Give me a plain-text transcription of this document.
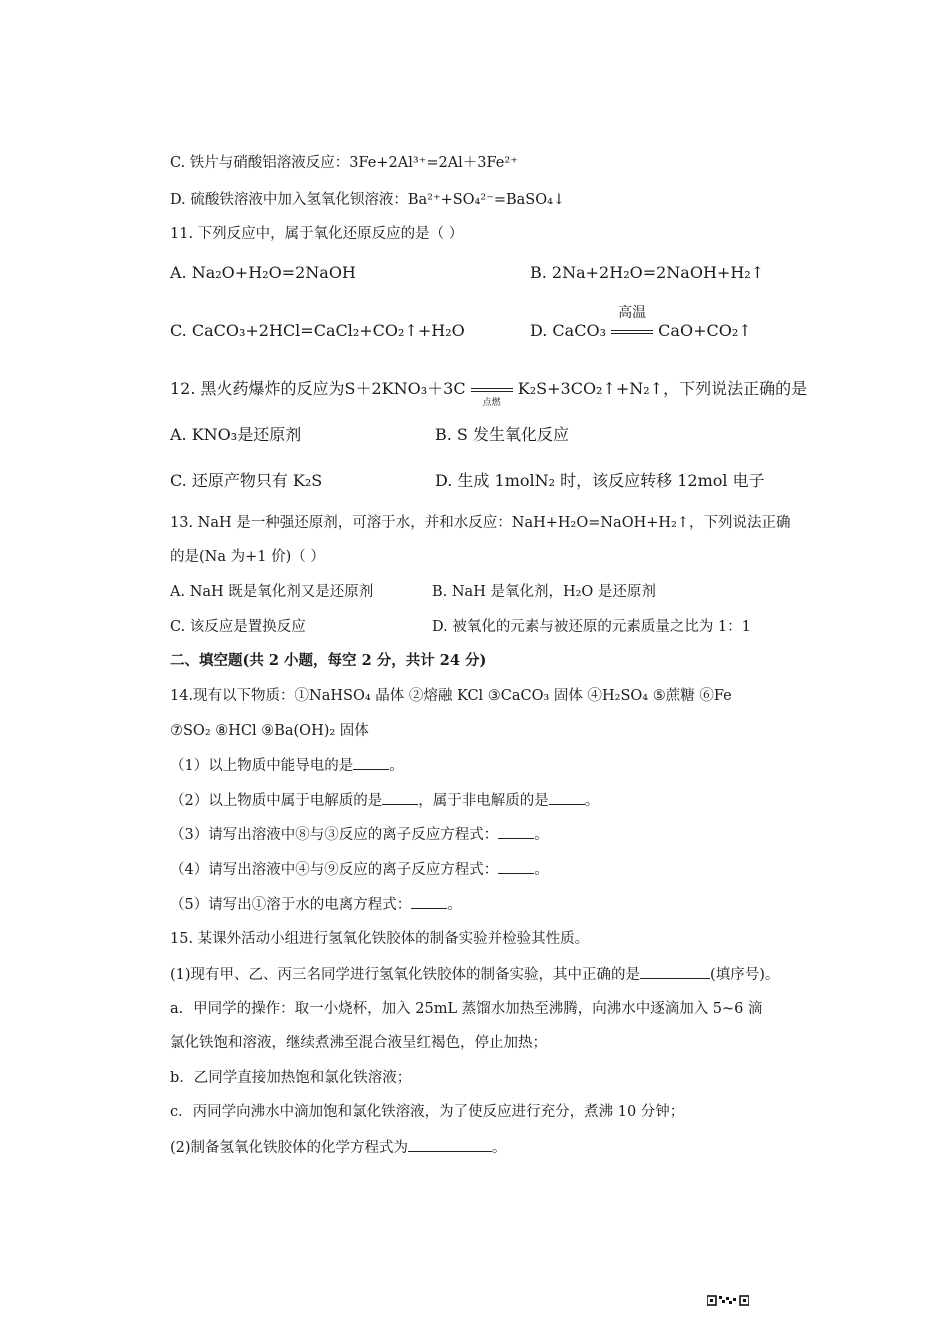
C. 铁片与硝酸铝溶液反应：3Fe+2Al³⁺=2Al＋3Fe²⁺
D. 硫酸铁溶液中加入氢氧化钡溶液：Ba²⁺+SO₄²⁻=BaSO₄↓
11. 下列反应中，属于氧化还原反应的是（ ）
A. Na₂O+H₂O=2NaOH	B. 2Na+2H₂O=2NaOH+H₂↑
C. CaCO₃+2HCl=CaCl₂+CO₂↑+H₂O	D. CaCO₃
高温
CaO+CO₂↑
12. 黑火药爆炸的反应为S＋2KNO₃＋3C
点燃
K₂S+3CO₂↑+N₂↑，下列说法正确的是
A. KNO₃是还原剂	B. S 发生氧化反应
C. 还原产物只有 K₂S	D. 生成 1molN₂ 时，该反应转移 12mol 电子
13. NaH 是一种强还原剂，可溶于水，并和水反应：NaH+H₂O=NaOH+H₂↑，下列说法正确
的是(Na 为+1 价)（ ）
A. NaH 既是氧化剂又是还原剂	B. NaH 是氧化剂，H₂O 是还原剂
C. 该反应是置换反应	D. 被氧化的元素与被还原的元素质量之比为 1：1
二、填空题(共 2 小题，每空 2 分，共计 24 分)
14.现有以下物质：①NaHSO₄ 晶体 ②熔融 KCl ③CaCO₃ 固体 ④H₂SO₄ ⑤蔗糖 ⑥Fe
⑦SO₂ ⑧HCl ⑨Ba(OH)₂ 固体
（1）以上物质中能导电的是 。
（2）以上物质中属于电解质的是 ，属于非电解质的是 。
（3）请写出溶液中⑧与③反应的离子反应方程式： 。
（4）请写出溶液中④与⑨反应的离子反应方程式： 。
（5）请写出①溶于水的电离方程式： 。
15. 某课外活动小组进行氢氧化铁胶体的制备实验并检验其性质。
(1)现有甲、乙、丙三名同学进行氢氧化铁胶体的制备实验，其中正确的是	(填序号)。
a．甲同学的操作：取一小烧杯，加入 25mL 蒸馏水加热至沸腾，向沸水中逐滴加入 5~6 滴
氯化铁饱和溶液，继续煮沸至混合液呈红褐色，停止加热；
b．乙同学直接加热饱和氯化铁溶液；
c．丙同学向沸水中滴加饱和氯化铁溶液，为了使反应进行充分，煮沸 10 分钟；
(2)制备氢氧化铁胶体的化学方程式为	。
